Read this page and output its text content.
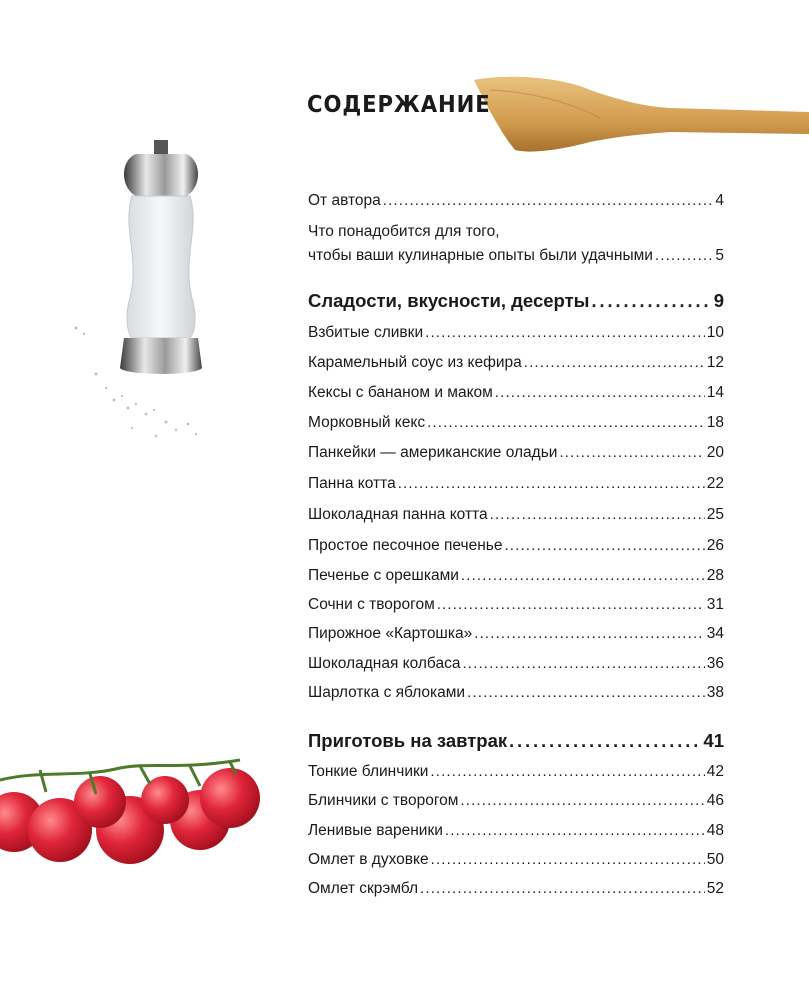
СОДЕРЖАНИЕ
От автора . . .	4
Что понадобится для того,
чтобы ваши кулинарные опыты были удачными . . .	5
Сладости, вкусности, десерты . . .	9
Взбитые сливки . . .	10
Карамельный соус из кефира . . .	12
Кексы с бананом и маком . . .	14
Морковный кекс . . .	18
Панкейки — американские оладьи . . .	20
Панна котта . . .	22
Шоколадная панна котта . . .	25
Простое песочное печенье . . .	26
Печенье с орешками . . .	28
Сочни с творогом . . .	31
Пирожное «Картошка» . . .	34
Шоколадная колбаса . . .	36
Шарлотка с яблоками . . .	38
Приготовь на завтрак . . .	41
Тонкие блинчики . . .	42
Блинчики с творогом . . .	46
Ленивые вареники . . .	48
Омлет в духовке . . .	50
Омлет скрэмбл . . .	52
